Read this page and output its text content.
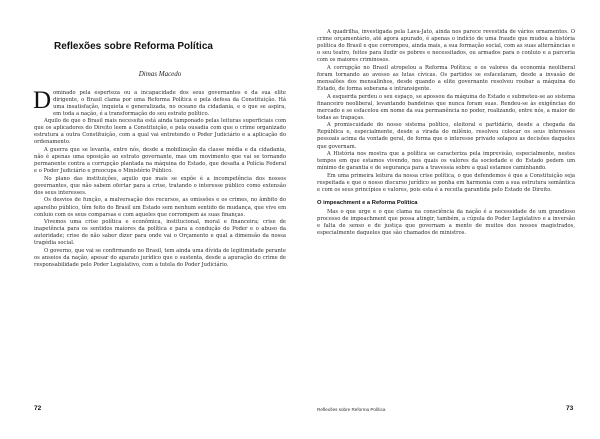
Reflexões sobre Reforma Política
Dimas Macedo
D ominado pela esperteza ou a incapacidade dos seus governantes e da sua elite dirigente, o Brasil clama por uma Reforma Política e pela defesa da Constituição. Há uma insatisfação, inquieta e generalizada, no oceano da cidadania, e o que se aspira, em toda a nação, é a transformação do seu estrato político.

Aquilo de que o Brasil mais necessita está ainda tamponado pelas leituras superficiais com que os aplicadores do Direito leem a Constituição, e pela ousadia com que o crime organizado estrutura a outra Constituição, com a qual vai entretendo o Poder Judiciário e a aplicação do ordenamento.

A guerra que se levanta, entre nós, desde a mobilização da classe média e da cidadania, não é apenas uma oposição ao estrato governante, mas um movimento que vai se tornando permanente contra a corrupção plantada na máquina do Estado, que desafia a Polícia Federal e o Poder Judiciário e preocupa o Ministério Público.

No plano das instituições, aquilo que mais se expõe é a incompetência dos nossos governantes, que não sabem ofertar para a crise, tratando o interesse público como extensão dos seus interesses.

Os desvios de função, a malversação dos recursos, as omissões e os crimes, no âmbito do aparelho público, têm feito do Brasil um Estado sem nenhum sentido de mudança, que vive em conluio com os seus comparsas e com aqueles que corrompem as suas finanças.

Vivemos uma crise política e econômica, institucional, moral e financeira; crise de inapetência para os sentidos maiores da política e para a condução do Poder e o abuso da autoridade; crise de não saber dizer para onde vai o Orçamento e qual a dimensão da nossa tragédia social.

O governo, que vai se confirmando no Brasil, tem ainda uma dívida de legitimidade perante os anseios da nação, apesar do aparato jurídico que o sustenta, desde a apuração do crime de responsabilidade pelo Poder Legislativo, com a tutela do Poder Judiciário.

72

A quadrilha, investigada pela Lava-Jato, ainda nos parece revestida de vários ornamentos. O crime orçamentário, até agora apurado, é apenas o indício de uma fraude que mudou a história política do Brasil e que corrompeu, ainda mais, a sua formação social, com as suas alternâncias e o seu teatro, feitos para iludir os pobres e necessitados, ou armados para o conluio e a parceria com os maiores criminosos.

A corrupção no Brasil atropelou a Reforma Política; e os valores da economia neoliberal foram tornando ao avesso as lutas cívicas. Os partidos se esfacelaram, desde a invasão de mensalões dos mensalinhos, desde quando a elite governante resolveu roubar a máquina do Estado, de forma soberana e intransigente.

A esquerda perdeu o seu espaço, se apossou da máquina do Estado e submeteu-se ao sistema financeiro neoliberal, levantando bandeiras que nunca foram suas. Rendeu-se às exigências do mercado e se esfacelou em nome da sua permanência no poder, realizando, entre nós, a maior de todas as trapaças.

A promiscuidade do nosso sistema político, eleitoral e partidário, desde a chegada da República e, especialmente, desde a virada do milênio, resolveu colocar os seus interesses pessoais acima da vontade geral, de forma que o interesse privado solapou as decisões daqueles que governam.

A História nos mostra que a política se caracteriza pela imprevisão, especialmente, nestes tempos em que estamos vivendo, nos quais os valores da sociedade e do Estado pedem um mínimo de garantia e de segurança para a travessia sobre a qual estamos caminhando.

Em uma primeira leitura da nossa crise política, o que defendemos é que a Constituição seja respeitada e que o nosso discurso jurídico se ponha em harmonia com a sua estrutura semântica e com os seus princípios e valores, pois esta é a receita garantida pelo Estado de Direito.

O impeachment e a Reforma Política

Mas o que urge e o que clama na consciência da nação é a necessidade de um grandioso processo de impeachment que possa atingir, também, a cúpula do Poder Legislativo e a inversão e falta de senso e de justiça que governam a mente de muitos dos nossos magistrados, especialmente daqueles que são chamados de ministros.

Reflexões sobre Reforma Política	73
